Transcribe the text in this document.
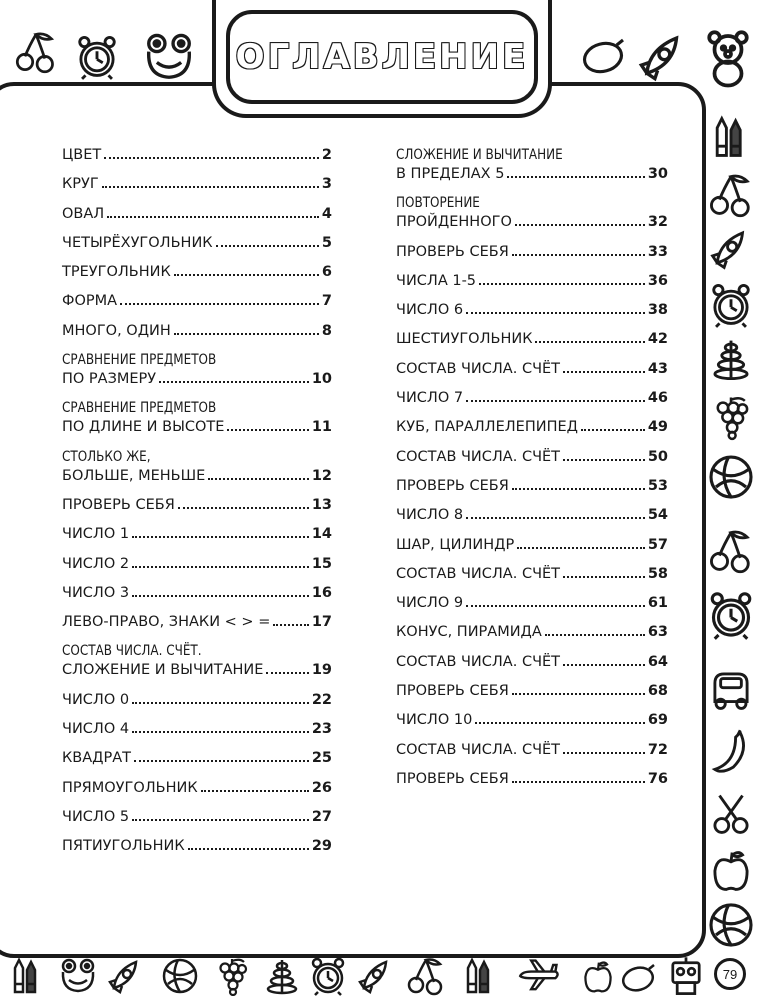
ОГЛАВЛЕНИЕ
ЦВЕТ	2
КРУГ	3
ОВАЛ	4
ЧЕТЫРЁХУГОЛЬНИК	5
ТРЕУГОЛЬНИК	6
ФОРМА	7
МНОГО, ОДИН	8
СРАВНЕНИЕ ПРЕДМЕТОВ
ПО РАЗМЕРУ	10
СРАВНЕНИЕ ПРЕДМЕТОВ
ПО ДЛИНЕ И ВЫСОТЕ	11
СТОЛЬКО ЖЕ,
БОЛЬШЕ, МЕНЬШЕ	12
ПРОВЕРЬ СЕБЯ	13
ЧИСЛО 1	14
ЧИСЛО 2	15
ЧИСЛО 3	16
ЛЕВО-ПРАВО, ЗНАКИ < > =	17
СОСТАВ ЧИСЛА. СЧЁТ.
СЛОЖЕНИЕ И ВЫЧИТАНИЕ	19
ЧИСЛО 0	22
ЧИСЛО 4	23
КВАДРАТ	25
ПРЯМОУГОЛЬНИК	26
ЧИСЛО 5	27
ПЯТИУГОЛЬНИК	29
СЛОЖЕНИЕ И ВЫЧИТАНИЕ
В ПРЕДЕЛАХ 5	30
ПОВТОРЕНИЕ
ПРОЙДЕННОГО	32
ПРОВЕРЬ СЕБЯ	33
ЧИСЛА 1-5	36
ЧИСЛО 6	38
ШЕСТИУГОЛЬНИК	42
СОСТАВ ЧИСЛА. СЧЁТ	43
ЧИСЛО 7	46
КУБ, ПАРАЛЛЕЛЕПИПЕД	49
СОСТАВ ЧИСЛА. СЧЁТ	50
ПРОВЕРЬ СЕБЯ	53
ЧИСЛО 8	54
ШАР, ЦИЛИНДР	57
СОСТАВ ЧИСЛА. СЧЁТ	58
ЧИСЛО 9	61
КОНУС, ПИРАМИДА	63
СОСТАВ ЧИСЛА. СЧЁТ	64
ПРОВЕРЬ СЕБЯ	68
ЧИСЛО 10	69
СОСТАВ ЧИСЛА. СЧЁТ	72
ПРОВЕРЬ СЕБЯ	76
79
